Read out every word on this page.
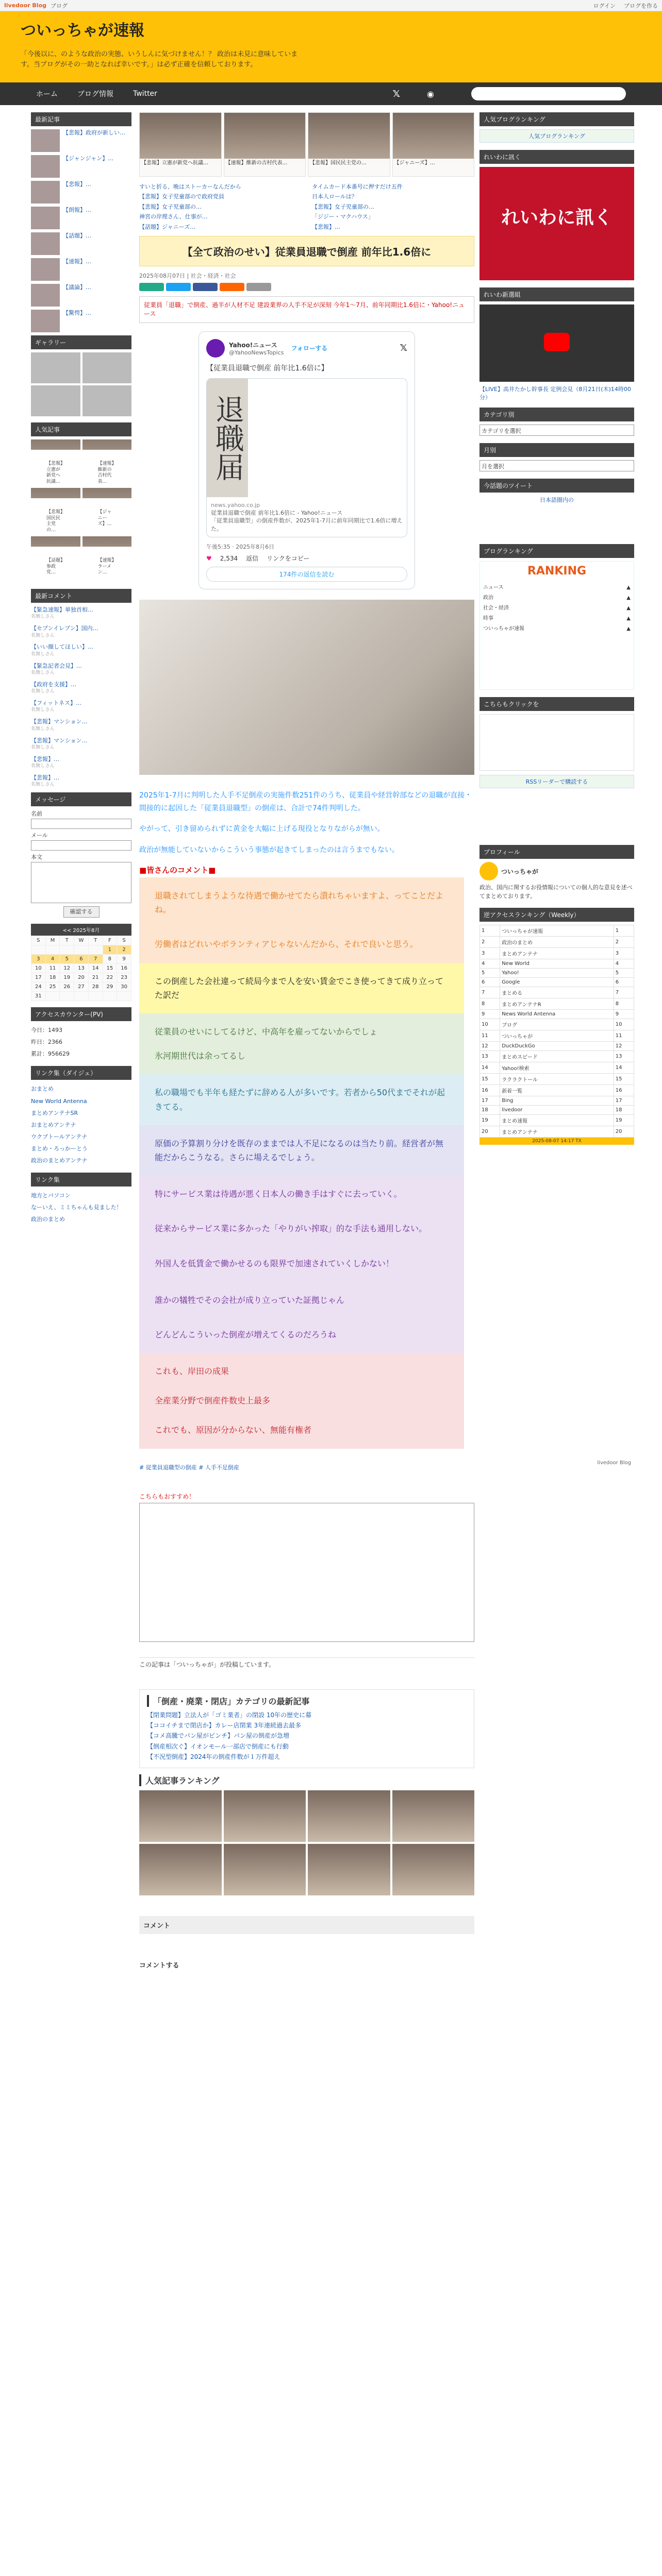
livedoor Blog ブログ	ログイン ブログを作る
ついっちゃが速報

「今後以に、のような政治の実態、いうしんに気づけません！？ 政治は未見に意味しています。当ブログがその一助となれば幸いです。」は必ず正確を信頼しております。

ホーム	ブログ情報	Twitter	𝕏	◉
最新記事
【悲報】政府が新しい…
【ジャンジャン】…
【悲報】…
【朗報】…
【話題】…
【速報】…
【議論】…
【驚愕】…
ギャラリー
人気記事
【悲報】立憲が新党へ抗議…
【速報】維新の吉村代表…
【悲報】国民民主党の…
【ジャニーズ】…
【話題】参政党…
【速報】ラーメン…
最新コメント
【緊急速報】単独首相…
名無しさん
【セブンイレブン】国内…
名無しさん
【いい顔してほしい】…
名無しさん
【緊急記者会見】…
名無しさん
【政府を支援】…
名無しさん
【フィットネス】…
名無しさん
【悲報】マンション…
名無しさん
【悲報】マンション…
名無しさん
【悲報】…
名無しさん
【悲報】…
名無しさん
メッセージ
名前
メール
本文
確認する
<< 2025年8月
S	M	T	W	T	F	S
					1	2
3	4	5	6	7	8	9
10	11	12	13	14	15	16
17	18	19	20	21	22	23
24	25	26	27	28	29	30
31						
アクセスカウンター(PV)
今日：1493
昨日：2366
累計：956629
リンク集（ダイジェ）
おまとめ
New World Antenna
まとめアンテナSR
おまとめアンテナ
ウクブトールアンテナ
まとめ・ろっかーとう
政治のまとめアンテナ
リンク集
地方とパソコン
なーいえ、ミミちゃんも見ました！
政治のまとめ
【悲報】立憲が新党へ抗議…	【速報】維新の吉村代表…	【悲報】国民民主党の…	【ジャニーズ】…
すいと折る、晩はストーカーなんだから	タイムカード本番号に押すだけ五件
【悲報】女子児童部ので政府党員	日本人ロールは？
【悲報】女子児童部の…	【悲報】女子児童部の…
神宮の岸理さん、仕事が…	「ジジー・マクハウス」
【話題】ジャニーズ…	【悲報】…
【全て政治のせい】従業員退職で倒産 前年比1.6倍に
2025年08月07日 | 社会・経済・社会
従業員「退職」で倒産、過半が人材不足 建設業界の人手不足が深刻 今年1～7月、前年同期比1.6倍に・Yahoo!ニュース
Yahoo!ニュース
@YahooNewsTopics
フォローする	𝕏
【従業員退職で倒産 前年比1.6倍に】
退職届
news.yahoo.co.jp
従業員退職で倒産 前年比1.6倍に - Yahoo!ニュース
「従業員退職型」の倒産件数が、2025年1-7月に前年同期比で1.6倍に増えた。
午後5:35 · 2025年8月6日
♥ 2,534 返信 リンクをコピー
174件の返信を読む
2025年1-7月に判明した人手不足倒産の実施件数251件のうち、従業員や経営幹部などの退職が直接・間接的に起因した「従業員退職型」の倒産は、合計で74件判明した。
やがって、引き留められずに黄金を大幅に上げる現役となりながらが無い。
政治が無能していないからこういう事態が起きてしまったのは言うまでもない。
■皆さんのコメント■

退職されてしまうような待遇で働かせてたら潰れちゃいますよ、ってことだよね。

労働者はどれいやボランティアじゃないんだから、それで良いと思う。

この倒産した会社違って続局今まで人を安い賃金でこき使ってきて成り立ってた訳だ

従業員のせいにしてるけど、中高年を雇ってないからでしょ

氷河期世代は余ってるし

私の職場でも半年も経たずに辞める人が多いです。若者から50代までそれが起きてる。

原価の予算割り分けを既存のままでは人不足になるのは当たり前。経営者が無能だからこうなる。さらに場えるでしょう。

特にサービス業は待遇が悪く日本人の働き手はすぐに去っていく。

従来からサービス業に多かった「やりがい搾取」的な手法も通用しない。

外国人を低賃金で働かせるのも限界で加速されていくしかない！

誰かの犠牲でその会社が成り立っていた証拠じゃん

どんどんこういった倒産が増えてくるのだろうね

これも、岸田の成果

全産業分野で倒産件数史上最多

これでも、原因が分からない、無能有権者

# 従業員退職型の倒産 # 人手不足倒産
こちらもおすすめ！
この記事は「ついっちゃが」が投稿しています。
「倒産・廃業・閉店」カテゴリの最新記事
【閉業問題】立法人が「ゴミ業者」の閉設 10年の歴史に幕
【ココイチまで閉店か】カレー店閉業 3年連続過去最多
【コメ高騰でパン屋がピンチ】パン屋の倒産が急増
【倒産相次ぐ】イオンモール一部店で倒産にも行動
【不況型倒産】2024年の倒産件数が１万件超え
人気記事ランキング
コメント
コメントする
人気ブログランキング
人気ブログランキング
れいわに訊く
れいわに訊く
れいわ新選組
【LIVE】高井たかし幹事長 定例会見（8月21日(木)14時00分）
カテゴリ別
カテゴリを選択
月別
月を選択
今話題のツイート
日本語圏内の
ブログランキング
RANKING
ニュース	▲
政治	▲
社会・経済	▲
時事	▲
ついっちゃが速報	▲
こちらもクリックを
RSSリーダーで購読する
プロフィール
ついっちゃが
政治、国内に関するお役情報についての個人的な意見を述べてまとめております。
逆アクセスランキング（Weekly）
1	ついっちゃが速報	1
2	政治のまとめ	2
3	まとめアンテナ	3
4	New World	4
5	Yahoo!	5
6	Google	6
7	まとめる	7
8	まとめアンテナR	8
9	News World Antenna	9
10	ブログ	10
11	ついっちゃが	11
12	DuckDuckGo	12
13	まとめスピード	13
14	Yahoo!検索	14
15	ラクラクトール	15
16	新着一覧	16
17	Bing	17
18	livedoor	18
19	まとめ速報	19
20	まとめアンテナ	20
2025-08-07 14:17 TX
livedoor Blog
